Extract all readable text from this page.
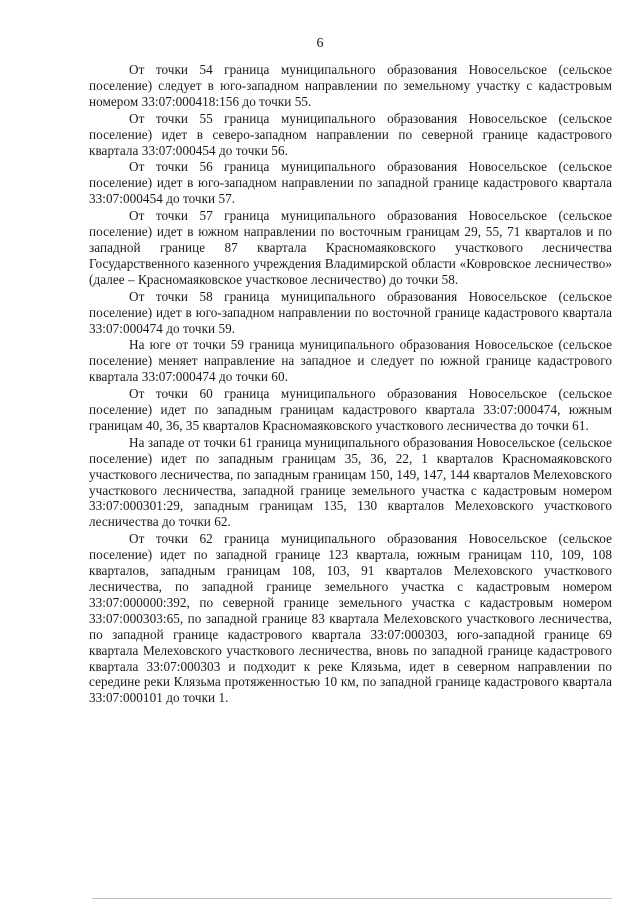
6

От точки 54 граница муниципального образования Новосельское (сельское поселение) следует в юго-западном направлении по земельному участку с кадастровым номером 33:07:000418:156 до точки 55.

От точки 55 граница муниципального образования Новосельское (сельское поселение) идет в северо-западном направлении по северной границе кадастрового квартала 33:07:000454 до точки 56.

От точки 56 граница муниципального образования Новосельское (сельское поселение) идет в юго-западном направлении по западной границе кадастрового квартала 33:07:000454 до точки 57.

От точки 57 граница муниципального образования Новосельское (сельское поселение) идет в южном направлении по восточным границам 29, 55, 71 кварталов и по западной границе 87 квартала Красномаяковского участкового лесничества Государственного казенного учреждения Владимирской области «Ковровское лесничество» (далее – Красномаяковское участковое лесничество) до точки 58.

От точки 58 граница муниципального образования Новосельское (сельское поселение) идет в юго-западном направлении по восточной границе кадастрового квартала 33:07:000474 до точки 59.

На юге от точки 59 граница муниципального образования Новосельское (сельское поселение) меняет направление на западное и следует по южной границе кадастрового квартала 33:07:000474 до точки 60.

От точки 60 граница муниципального образования Новосельское (сельское поселение) идет по западным границам кадастрового квартала 33:07:000474, южным границам 40, 36, 35 кварталов Красномаяковского участкового лесничества до точки 61.

На западе от точки 61 граница муниципального образования Новосельское (сельское поселение) идет по западным границам 35, 36, 22, 1 кварталов Красномаяковского участкового лесничества, по западным границам 150, 149, 147, 144 кварталов Мелеховского участкового лесничества, западной границе земельного участка с кадастровым номером 33:07:000301:29, западным границам 135, 130 кварталов Мелеховского участкового лесничества до точки 62.

От точки 62 граница муниципального образования Новосельское (сельское поселение) идет по западной границе 123 квартала, южным границам 110, 109, 108 кварталов, западным границам 108, 103, 91 кварталов Мелеховского участкового лесничества, по западной границе земельного участка с кадастровым номером 33:07:000000:392, по северной границе земельного участка с кадастровым номером 33:07:000303:65, по западной границе 83 квартала Мелеховского участкового лесничества, по западной границе кадастрового квартала 33:07:000303, юго-западной границе 69 квартала Мелеховского участкового лесничества, вновь по западной границе кадастрового квартала 33:07:000303 и подходит к реке Клязьма, идет в северном направлении по середине реки Клязьма протяженностью 10 км, по западной границе кадастрового квартала 33:07:000101 до точки 1.
